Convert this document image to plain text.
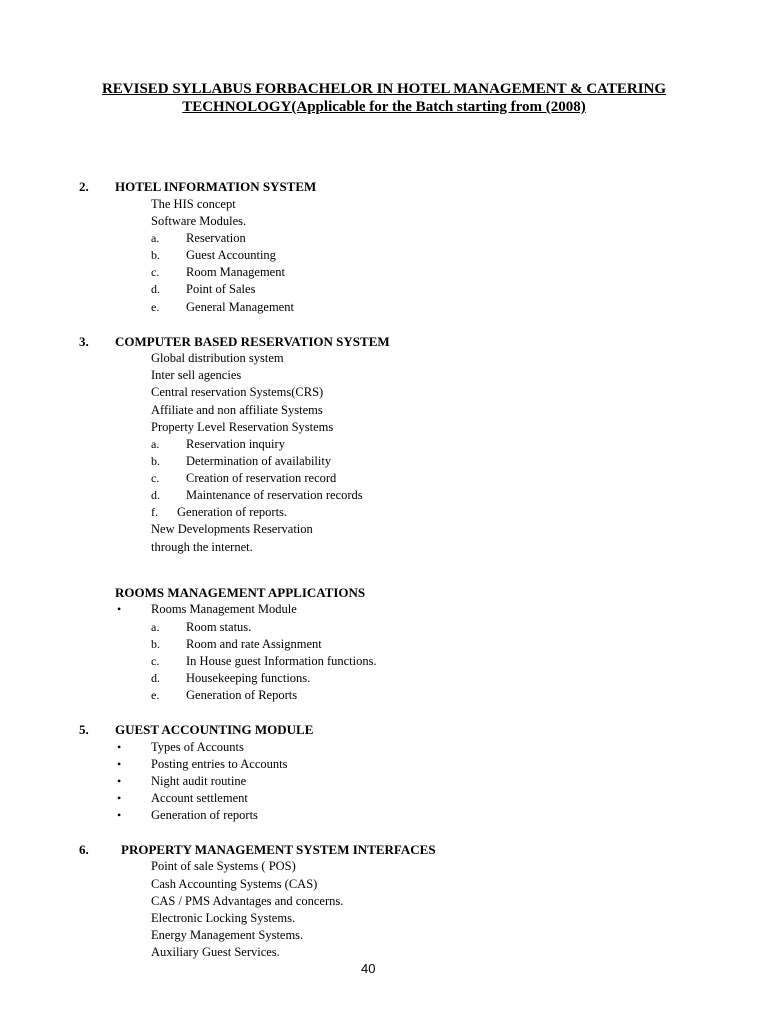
REVISED SYLLABUS FORBACHELOR IN HOTEL MANAGEMENT & CATERING
TECHNOLOGY(Applicable for the Batch starting from (2008)
2. HOTEL INFORMATION SYSTEM
The HIS concept
Software Modules.
a. Reservation
b. Guest Accounting
c. Room Management
d. Point of Sales
e. General Management
3. COMPUTER BASED RESERVATION SYSTEM
Global distribution system
Inter sell agencies
Central reservation Systems(CRS)
Affiliate and non affiliate Systems
Property Level Reservation Systems
a. Reservation inquiry
b. Determination of availability
c. Creation of reservation record
d. Maintenance of reservation records
f. Generation of reports.
New Developments Reservation
through the internet.
ROOMS MANAGEMENT APPLICATIONS
• Rooms Management Module
a. Room status.
b. Room and rate Assignment
c. In House guest Information functions.
d. Housekeeping functions.
e. Generation of Reports
5. GUEST ACCOUNTING MODULE
• Types of Accounts
• Posting entries to Accounts
• Night audit routine
• Account settlement
• Generation of reports
6. PROPERTY MANAGEMENT SYSTEM INTERFACES
Point of sale Systems ( POS)
Cash Accounting Systems (CAS)
CAS / PMS Advantages and concerns.
Electronic Locking Systems.
Energy Management Systems.
Auxiliary Guest Services.
40
